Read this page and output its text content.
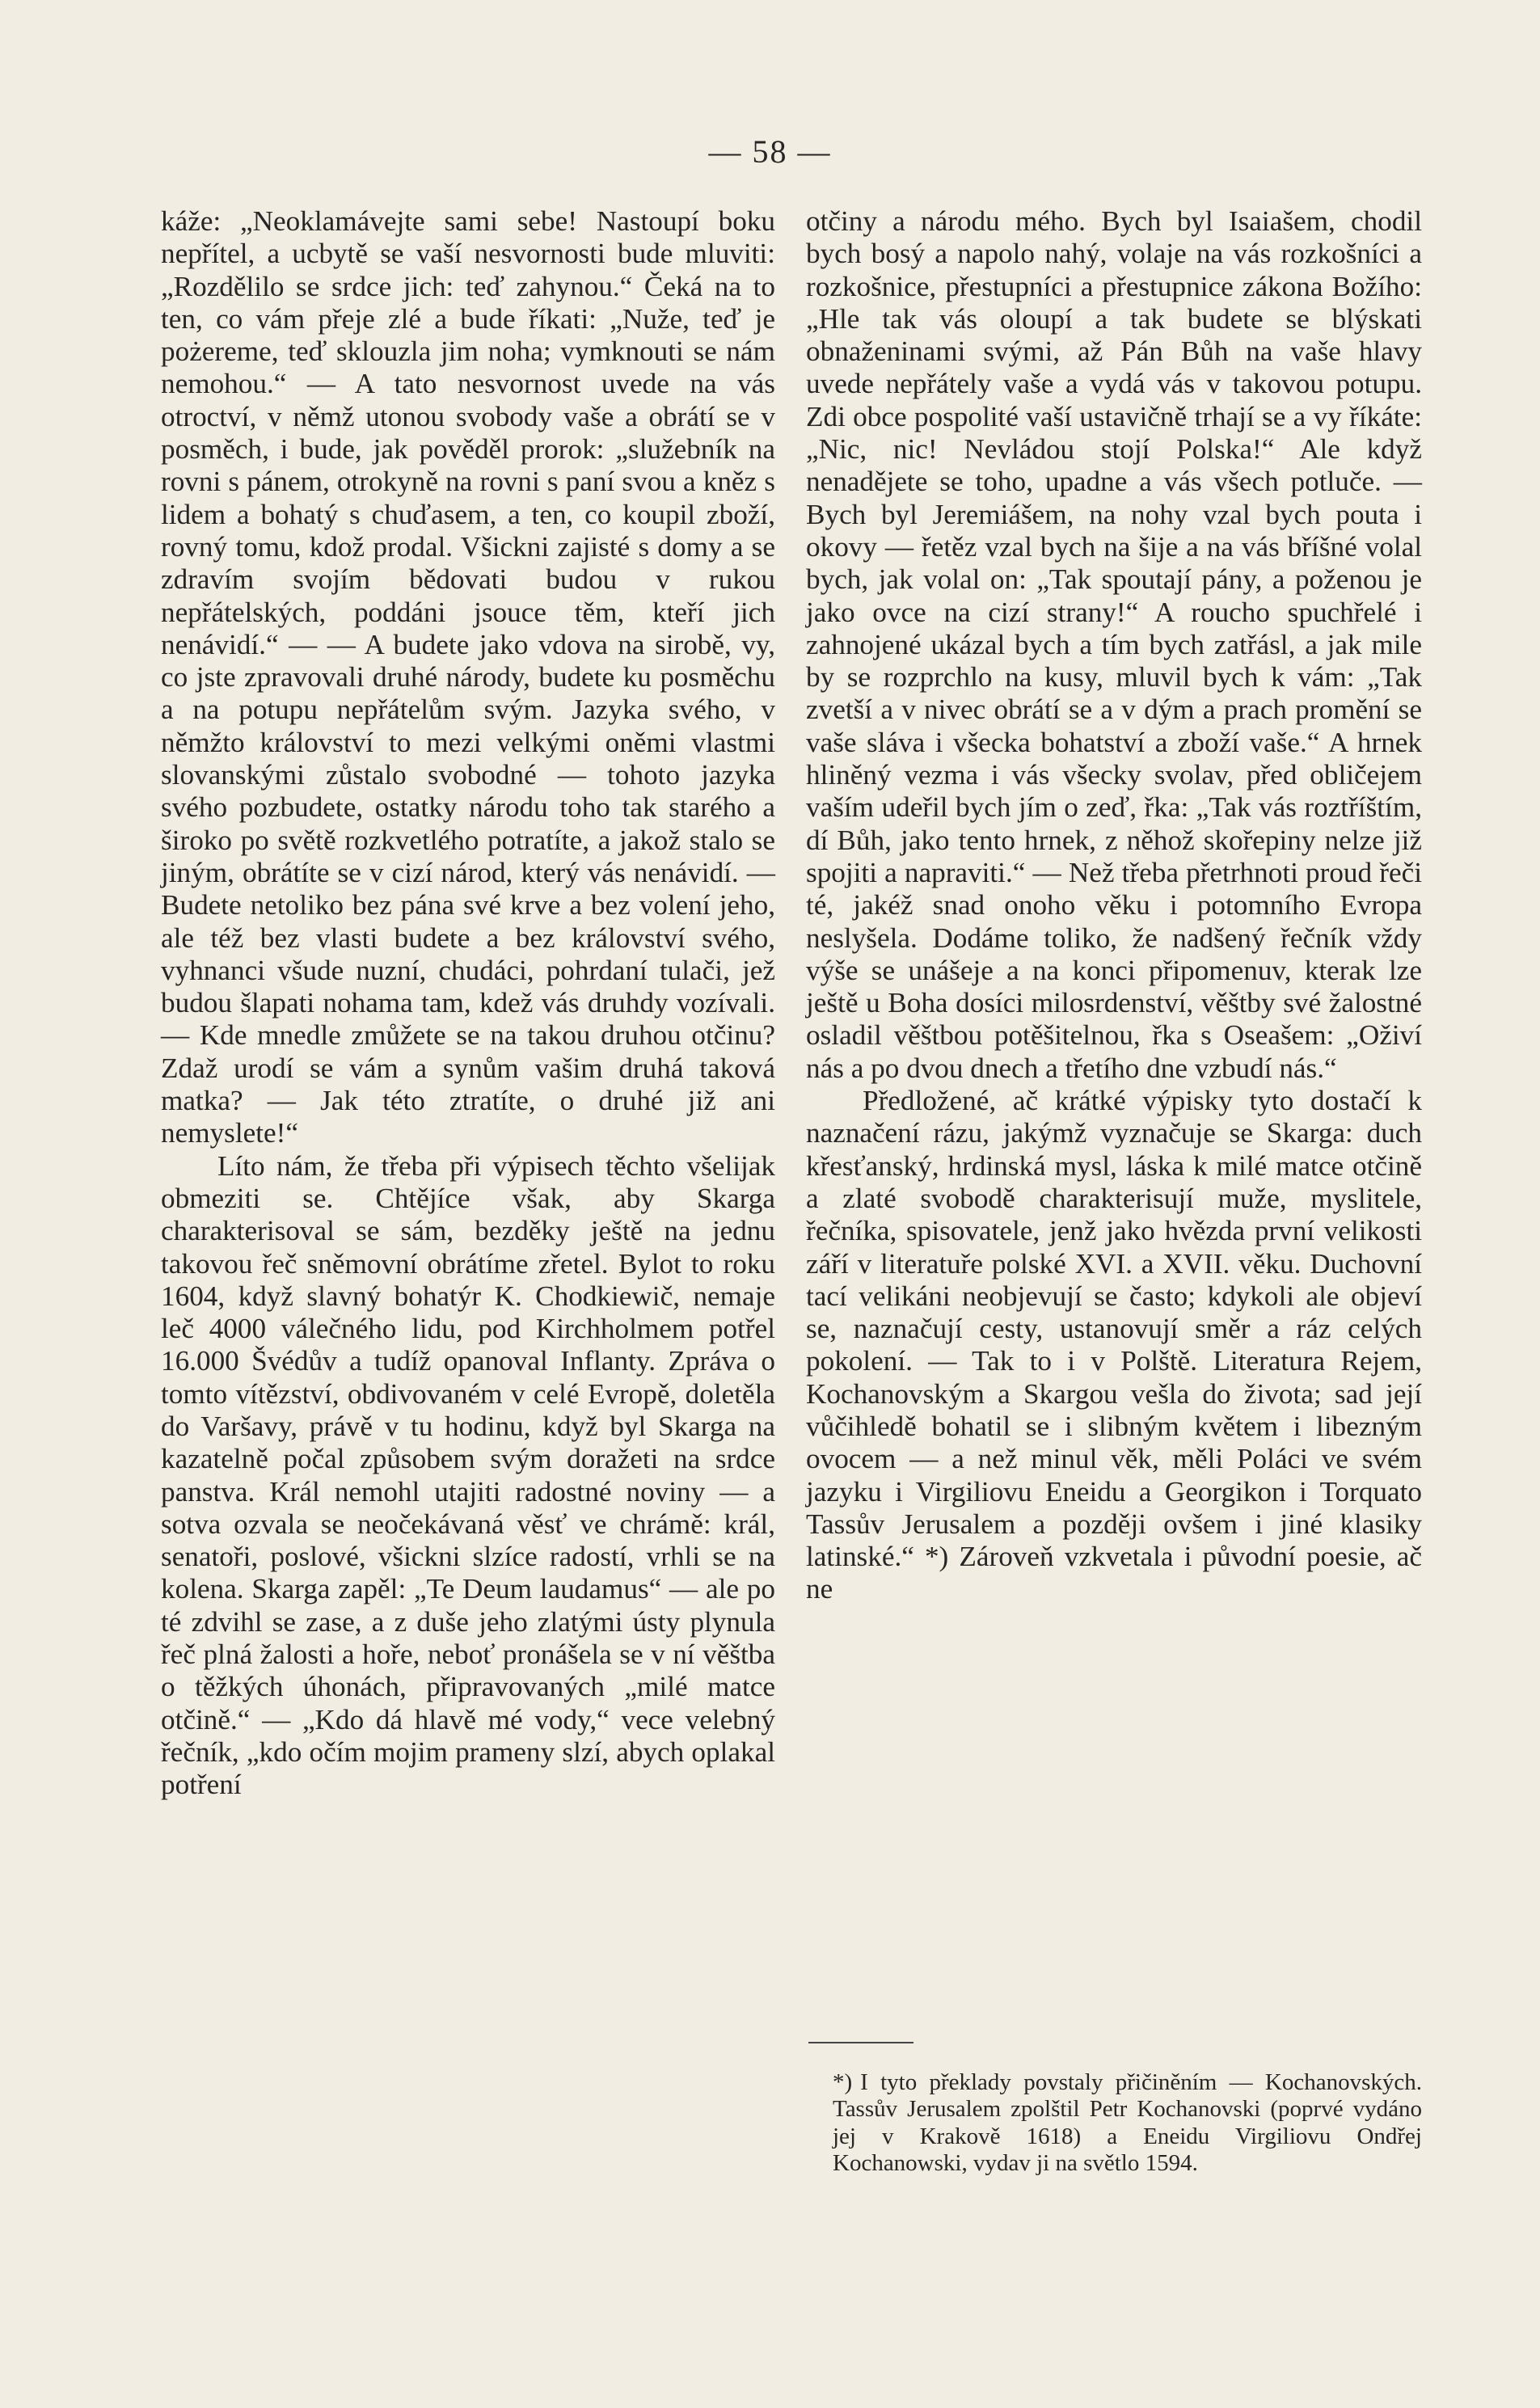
— 58 —

káže: „Neoklamávejte sami sebe! Nastoupí boku nepřítel, a ucbytě se vaší nesvornosti bude mluviti: „Rozdělilo se srdce jich: teď zahynou.“ Čeká na to ten, co vám přeje zlé a bude říkati: „Nuže, teď je pożereme, teď sklouzla jim noha; vymknouti se nám nemohou.“ — A tato nesvornost uvede na vás otroctví, v němž utonou svobody vaše a obrátí se v posměch, i bude, jak pověděl prorok: „služebník na rovni s pánem, otrokyně na rovni s paní svou a kněz s lidem a bohatý s chuďasem, a ten, co koupil zboží, rovný tomu, kdož prodal. Všickni zajisté s domy a se zdravím svojím bědovati budou v rukou nepřátelských, poddáni jsouce těm, kteří jich nenávidí.“ — — A budete jako vdova na sirobě, vy, co jste zpravovali druhé národy, budete ku posměchu a na potupu nepřátelům svým. Jazyka svého, v němžto království to mezi velkými oněmi vlastmi slovanskými zůstalo svobodné — tohoto jazyka svého pozbudete, ostatky národu toho tak starého a široko po světě rozkvetlého potratíte, a jakož stalo se jiným, obrátíte se v cizí národ, který vás nenávidí. — Budete netoliko bez pána své krve a bez volení jeho, ale též bez vlasti budete a bez království svého, vyhnanci všude nuzní, chudáci, pohrdaní tulači, jež budou šlapati nohama tam, kdež vás druhdy vozívali. — Kde mnedle zmůžete se na takou druhou otčinu? Zdaž urodí se vám a synům vašim druhá taková matka? — Jak této ztratíte, o druhé již ani nemyslete!“

Líto nám, že třeba při výpisech těchto všelijak obmeziti se. Chtějíce však, aby Skarga charakterisoval se sám, bezděky ještě na jednu takovou řeč sněmovní obrátíme zřetel. Bylot to roku 1604, když slavný bohatýr K. Chodkiewič, nemaje leč 4000 válečného lidu, pod Kirchholmem potřel 16.000 Švédův a tudíž opanoval Inflanty. Zpráva o tomto vítězství, obdivovaném v celé Evropě, doletěla do Varšavy, právě v tu hodinu, když byl Skarga na kazatelně počal způsobem svým doražeti na srdce panstva. Král nemohl utajiti radostné noviny — a sotva ozvala se neočekávaná věsť ve chrámě: král, senatoři, poslové, všickni slzíce radostí, vrhli se na kolena. Skarga zapěl: „Te Deum laudamus“ — ale po té zdvihl se zase, a z duše jeho zlatými ústy plynula řeč plná žalosti a hoře, neboť pronášela se v ní věštba o těžkých úhonách, připravovaných „milé matce otčině.“ — „Kdo dá hlavě mé vody,“ vece velebný řečník, „kdo očím mojim prameny slzí, abych oplakal potření

otčiny a národu mého. Bych byl Isaiašem, chodil bych bosý a napolo nahý, volaje na vás rozkošníci a rozkošnice, přestupníci a přestupnice zákona Božího: „Hle tak vás oloupí a tak budete se blýskati obnaženinami svými, až Pán Bůh na vaše hlavy uvede nepřátely vaše a vydá vás v takovou potupu. Zdi obce pospolité vaší ustavičně trhají se a vy říkáte: „Nic, nic! Nevládou stojí Polska!“ Ale když nenadějete se toho, upadne a vás všech potluče. — Bych byl Jeremiášem, na nohy vzal bych pouta i okovy — řetěz vzal bych na šije a na vás bříšné volal bych, jak volal on: „Tak spoutají pány, a poženou je jako ovce na cizí strany!“ A roucho spuchřelé i zahnojené ukázal bych a tím bych zatřásl, a jak mile by se rozprchlo na kusy, mluvil bych k vám: „Tak zvetší a v nivec obrátí se a v dým a prach promění se vaše sláva i všecka bohatství a zboží vaše.“ A hrnek hliněný vezma i vás všecky svolav, před obličejem vaším udeřil bych jím o zeď, řka: „Tak vás roztříštím, dí Bůh, jako tento hrnek, z něhož skořepiny nelze již spojiti a napraviti.“ — Než třeba přetrhnoti proud řeči té, jakéž snad onoho věku i potomního Evropa neslyšela. Dodáme toliko, že nadšený řečník vždy výše se unášeje a na konci připomenuv, kterak lze ještě u Boha dosíci milosrdenství, věštby své žalostné osladil věštbou potěšitelnou, řka s Oseašem: „Oživí nás a po dvou dnech a třetího dne vzbudí nás.“

Předložené, ač krátké výpisky tyto dostačí k naznačení rázu, jakýmž vyznačuje se Skarga: duch křesťanský, hrdinská mysl, láska k milé matce otčině a zlaté svobodě charakterisují muže, myslitele, řečníka, spisovatele, jenž jako hvězda první velikosti září v literatuře polské XVI. a XVII. věku. Duchovní tací velikáni neobjevují se často; kdykoli ale objeví se, naznačují cesty, ustanovují směr a ráz celých pokolení. — Tak to i v Polště. Literatura Rejem, Kochanovským a Skargou vešla do života; sad její vůčihledě bohatil se i slibným květem i libezným ovocem — a než minul věk, měli Poláci ve svém jazyku i Virgiliovu Eneidu a Georgikon i Torquato Tassův Jerusalem a později ovšem i jiné klasiky latinské.“ *) Zároveň vzkvetala i původní poesie, ač ne

*) I tyto překlady povstaly přičiněním — Kochanovských. Tassův Jerusalem zpolštil Petr Kochanovski (poprvé vydáno jej v Krakově 1618) a Eneidu Virgiliovu Ondřej Kochanowski, vydav ji na světlo 1594.
